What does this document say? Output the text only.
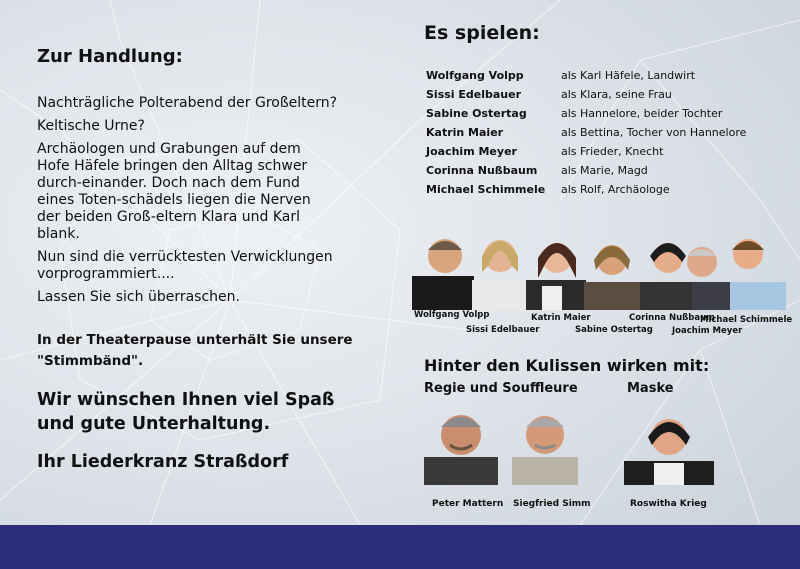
Zur Handlung:

Nachträgliche Polterabend der Großeltern?

Keltische Urne?

Archäologen und Grabungen auf dem Hofe Häfele bringen den Alltag schwer durch-einander. Doch nach dem Fund eines Toten-schädels liegen die Nerven der beiden Groß-eltern Klara und Karl blank.

Nun sind die verrücktesten Verwicklungen vorprogrammiert....

Lassen Sie sich überraschen.

In der Theaterpause unterhält Sie unsere
"Stimmbänd".
Wir wünschen Ihnen viel Spaß
und gute Unterhaltung.
Ihr Liederkranz Straßdorf
Es spielen:
Wolfgang Volpp	als Karl Häfele, Landwirt
Sissi Edelbauer	als Klara, seine Frau
Sabine Ostertag	als Hannelore, beider Tochter
Katrin Maier	als Bettina, Tocher von Hannelore
Joachim Meyer	als Frieder, Knecht
Corinna Nußbaum	als Marie, Magd
Michael Schimmele	als Rolf, Archäologe
Wolfgang Volpp
Sissi Edelbauer
Katrin Maier
Sabine Ostertag
Corinna Nußbaum
Joachim Meyer
Michael Schimmele
Hinter den Kulissen wirken mit:
Regie und Souffleure	Maske
Peter Mattern Siegfried Simm	Roswitha Krieg
